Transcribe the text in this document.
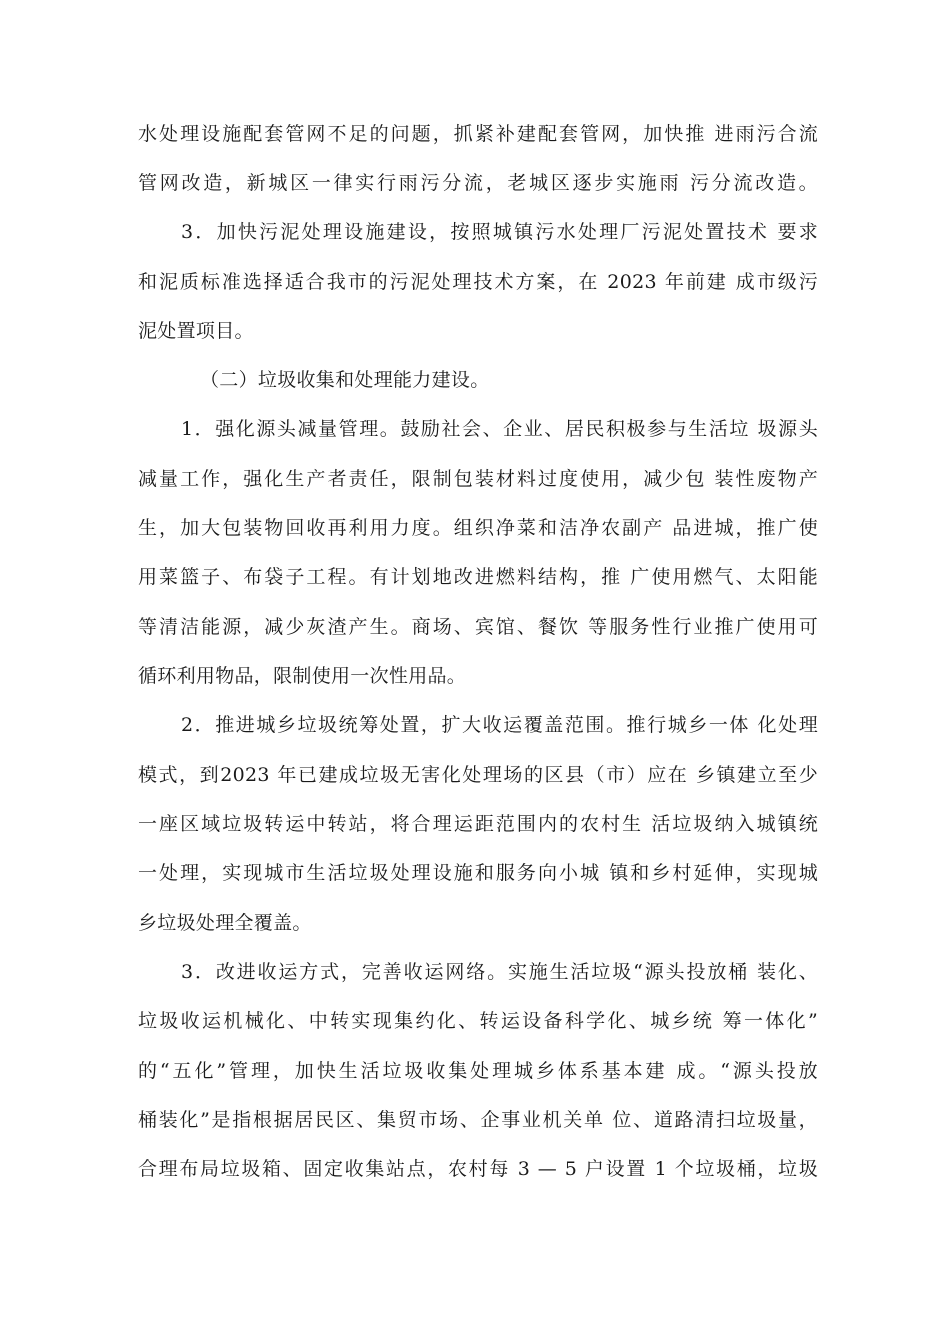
水处理设施配套管网不足的问题，抓紧补建配套管网，加快推 进雨污合流
管网改造，新城区一律实行雨污分流，老城区逐步实施雨 污分流改造。
3．加快污泥处理设施建设，按照城镇污水处理厂污泥处置技术 要求
和泥质标准选择适合我市的污泥处理技术方案，在 2023 年前建 成市级污
泥处置项目。
（二）垃圾收集和处理能力建设。
1．强化源头减量管理。鼓励社会、企业、居民积极参与生活垃 圾源头
减量工作，强化生产者责任，限制包装材料过度使用，减少包 装性废物产
生，加大包装物回收再利用力度。组织净菜和洁净农副产 品进城，推广使
用菜篮子、布袋子工程。有计划地改进燃料结构，推 广使用燃气、太阳能
等清洁能源，减少灰渣产生。商场、宾馆、餐饮 等服务性行业推广使用可
循环利用物品，限制使用一次性用品。
2．推进城乡垃圾统筹处置，扩大收运覆盖范围。推行城乡一体 化处理
模式，到2023 年已建成垃圾无害化处理场的区县（市）应在 乡镇建立至少
一座区域垃圾转运中转站，将合理运距范围内的农村生 活垃圾纳入城镇统
一处理，实现城市生活垃圾处理设施和服务向小城 镇和乡村延伸，实现城
乡垃圾处理全覆盖。
3．改进收运方式，完善收运网络。实施生活垃圾“源头投放桶 装化、
垃圾收运机械化、中转实现集约化、转运设备科学化、城乡统 筹一体化”
的“五化”管理，加快生活垃圾收集处理城乡体系基本建 成。“源头投放
桶装化”是指根据居民区、集贸市场、企事业机关单 位、道路清扫垃圾量，
合理布局垃圾箱、固定收集站点，农村每 3 — 5 户设置 1 个垃圾桶，垃圾
